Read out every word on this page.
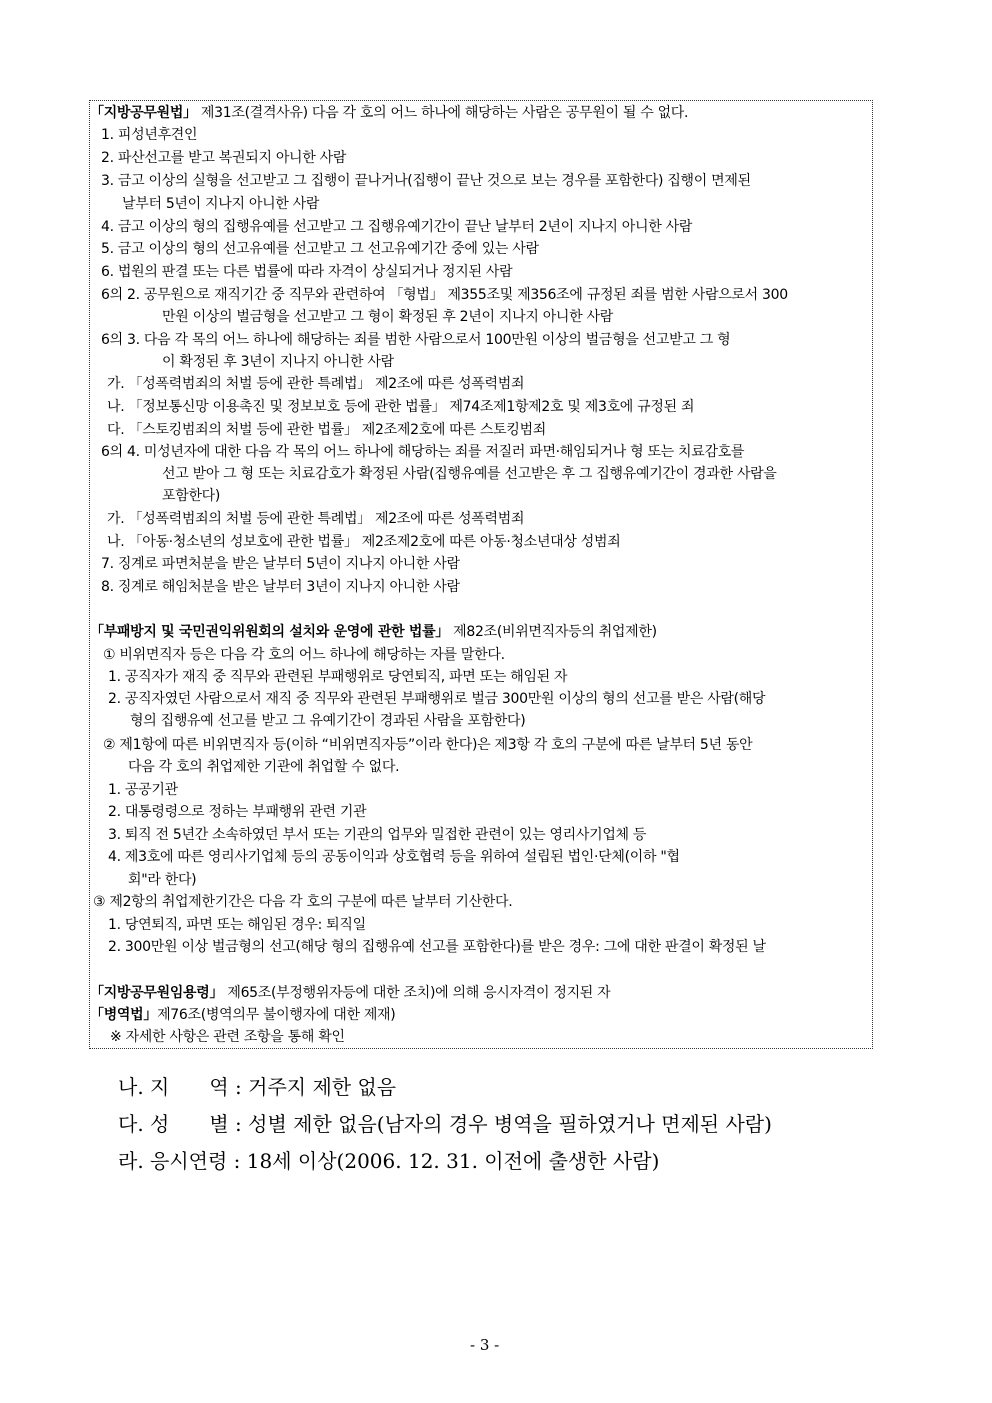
나. 지　　역 : 거주지 제한 없음
다. 성　　별 : 성별 제한 없음(남자의 경우 병역을 필하였거나 면제된 사람)
라. 응시연령 : 18세 이상(2006. 12. 31. 이전에 출생한 사람)
- 3 -
「지방공무원법」 제31조(결격사유) 다음 각 호의 어느 하나에 해당하는 사람은 공무원이 될 수 없다.
1. 피성년후견인
2. 파산선고를 받고 복권되지 아니한 사람
3. 금고 이상의 실형을 선고받고 그 집행이 끝나거나(집행이 끝난 것으로 보는 경우를 포함한다) 집행이 면제된
날부터 5년이 지나지 아니한 사람
4. 금고 이상의 형의 집행유예를 선고받고 그 집행유예기간이 끝난 날부터 2년이 지나지 아니한 사람
5. 금고 이상의 형의 선고유예를 선고받고 그 선고유예기간 중에 있는 사람
6. 법원의 판결 또는 다른 법률에 따라 자격이 상실되거나 정지된 사람
6의 2. 공무원으로 재직기간 중 직무와 관련하여 「형법」 제355조및 제356조에 규정된 죄를 범한 사람으로서 300
만원 이상의 벌금형을 선고받고 그 형이 확정된 후 2년이 지나지 아니한 사람
6의 3. 다음 각 목의 어느 하나에 해당하는 죄를 범한 사람으로서 100만원 이상의 벌금형을 선고받고 그 형
이 확정된 후 3년이 지나지 아니한 사람
가. 「성폭력범죄의 처벌 등에 관한 특례법」 제2조에 따른 성폭력범죄
나. 「정보통신망 이용촉진 및 정보보호 등에 관한 법률」 제74조제1항제2호 및 제3호에 규정된 죄
다. 「스토킹범죄의 처벌 등에 관한 법률」 제2조제2호에 따른 스토킹범죄
6의 4. 미성년자에 대한 다음 각 목의 어느 하나에 해당하는 죄를 저질러 파면·해임되거나 형 또는 치료감호를
선고 받아 그 형 또는 치료감호가 확정된 사람(집행유예를 선고받은 후 그 집행유예기간이 경과한 사람을
포함한다)
가. 「성폭력범죄의 처벌 등에 관한 특례법」 제2조에 따른 성폭력범죄
나. 「아동·청소년의 성보호에 관한 법률」 제2조제2호에 따른 아동·청소년대상 성범죄
7. 징계로 파면처분을 받은 날부터 5년이 지나지 아니한 사람
8. 징계로 해임처분을 받은 날부터 3년이 지나지 아니한 사람
「부패방지 및 국민권익위원회의 설치와 운영에 관한 법률」 제82조(비위면직자등의 취업제한)
① 비위면직자 등은 다음 각 호의 어느 하나에 해당하는 자를 말한다.
1. 공직자가 재직 중 직무와 관련된 부패행위로 당연퇴직, 파면 또는 해임된 자
2. 공직자였던 사람으로서 재직 중 직무와 관련된 부패행위로 벌금 300만원 이상의 형의 선고를 받은 사람(해당
형의 집행유예 선고를 받고 그 유예기간이 경과된 사람을 포함한다)
② 제1항에 따른 비위면직자 등(이하 “비위면직자등”이라 한다)은 제3항 각 호의 구분에 따른 날부터 5년 동안
다음 각 호의 취업제한 기관에 취업할 수 없다.
1. 공공기관
2. 대통령령으로 정하는 부패행위 관련 기관
3. 퇴직 전 5년간 소속하였던 부서 또는 기관의 업무와 밀접한 관련이 있는 영리사기업체 등
4. 제3호에 따른 영리사기업체 등의 공동이익과 상호협력 등을 위하여 설립된 법인·단체(이하 "협
회"라 한다)
③ 제2항의 취업제한기간은 다음 각 호의 구분에 따른 날부터 기산한다.
1. 당연퇴직, 파면 또는 해임된 경우: 퇴직일
2. 300만원 이상 벌금형의 선고(해당 형의 집행유예 선고를 포함한다)를 받은 경우: 그에 대한 판결이 확정된 날
「지방공무원임용령」 제65조(부정행위자등에 대한 조치)에 의해 응시자격이 정지된 자
「병역법」제76조(병역의무 불이행자에 대한 제재)
※ 자세한 사항은 관련 조항을 통해 확인
